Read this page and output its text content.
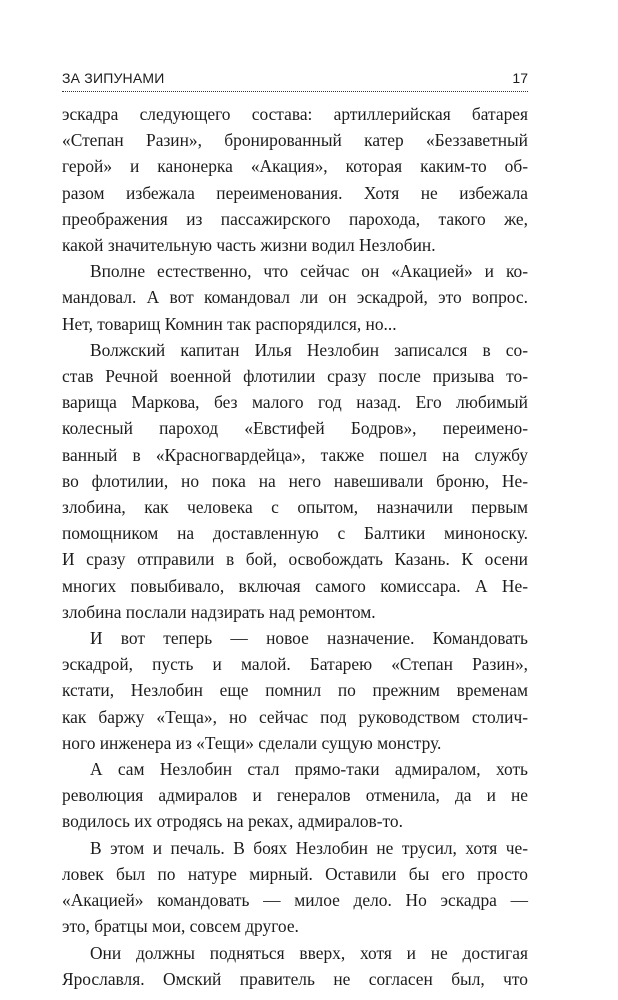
ЗА ЗИПУНАМИ	17
эскадра следующего состава: артиллерийская батарея
«Степан Разин», бронированный катер «Беззаветный
герой» и канонерка «Акация», которая каким-то об-
разом избежала переименования. Хотя не избежала
преображения из пассажирского парохода, такого же,
какой значительную часть жизни водил Незлобин.
Вполне естественно, что сейчас он «Акацией» и ко-
мандовал. А вот командовал ли он эскадрой, это вопрос.
Нет, товарищ Комнин так распорядился, но...
Волжский капитан Илья Незлобин записался в со-
став Речной военной флотилии сразу после призыва то-
варища Маркова, без малого год назад. Его любимый
колесный пароход «Евстифей Бодров», переимено-
ванный в «Красногвардейца», также пошел на службу
во флотилии, но пока на него навешивали броню, Не-
злобина, как человека с опытом, назначили первым
помощником на доставленную с Балтики миноноску.
И сразу отправили в бой, освобождать Казань. К осени
многих повыбивало, включая самого комиссара. А Не-
злобина послали надзирать над ремонтом.
И вот теперь — новое назначение. Командовать
эскадрой, пусть и малой. Батарею «Степан Разин»,
кстати, Незлобин еще помнил по прежним временам
как баржу «Теща», но сейчас под руководством столич-
ного инженера из «Тещи» сделали сущую монстру.
А сам Незлобин стал прямо-таки адмиралом, хоть
революция адмиралов и генералов отменила, да и не
водилось их отродясь на реках, адмиралов-то.
В этом и печаль. В боях Незлобин не трусил, хотя че-
ловек был по натуре мирный. Оставили бы его просто
«Акацией» командовать — милое дело. Но эскадра —
это, братцы мои, совсем другое.
Они должны подняться вверх, хотя и не достигая
Ярославля. Омский правитель не согласен был, что
